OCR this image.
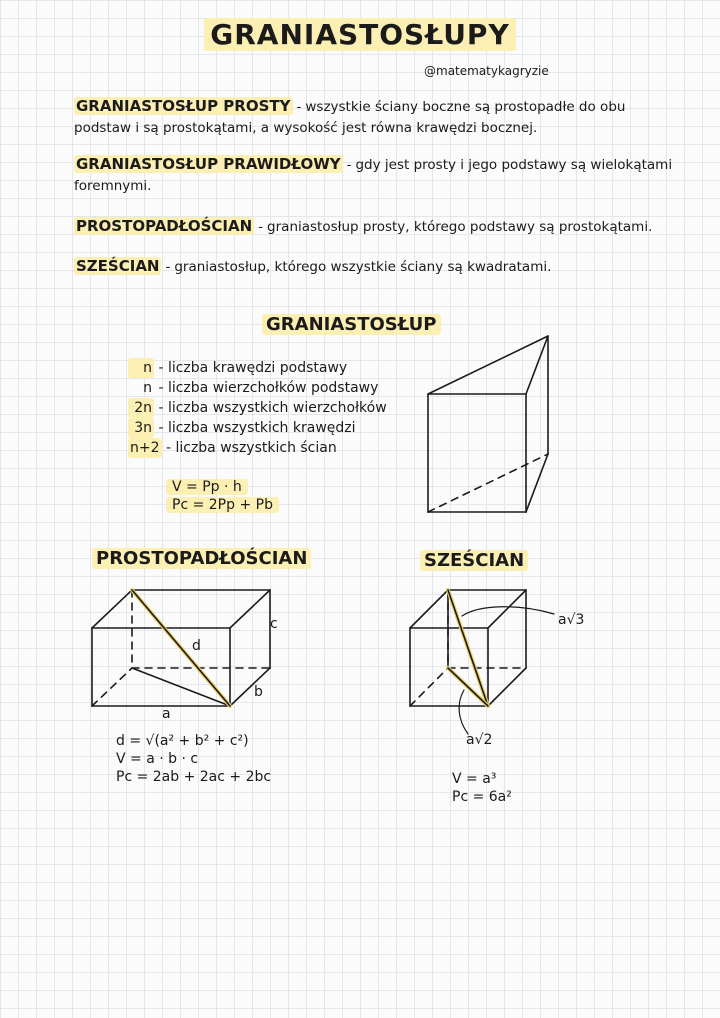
GRANIASTOSŁUPY
@matematykagryzie
GRANIASTOSŁUP PROSTY - wszystkie ściany boczne są prostopadłe do obu podstaw i są prostokątami, a wysokość jest równa krawędzi bocznej.
GRANIASTOSŁUP PRAWIDŁOWY - gdy jest prosty i jego podstawy są wielokątami foremnymi.
PROSTOPADŁOŚCIAN - graniastosłup prosty, którego podstawy są prostokątami.
SZEŚCIAN - graniastosłup, którego wszystkie ściany są kwadratami.
GRANIASTOSŁUP
n - liczba krawędzi podstawy
n - liczba wierzchołków podstawy
2n - liczba wszystkich wierzchołków
3n - liczba wszystkich krawędzi
n+2 - liczba wszystkich ścian
V = Pp · h
Pc = 2Pp + Pb
PROSTOPADŁOŚCIAN	SZEŚCIAN
c
d
b
a
a√3
a√2
d = √(a² + b² + c²)
V = a · b · c
Pc = 2ab + 2ac + 2bc	V = a³
Pc = 6a²
